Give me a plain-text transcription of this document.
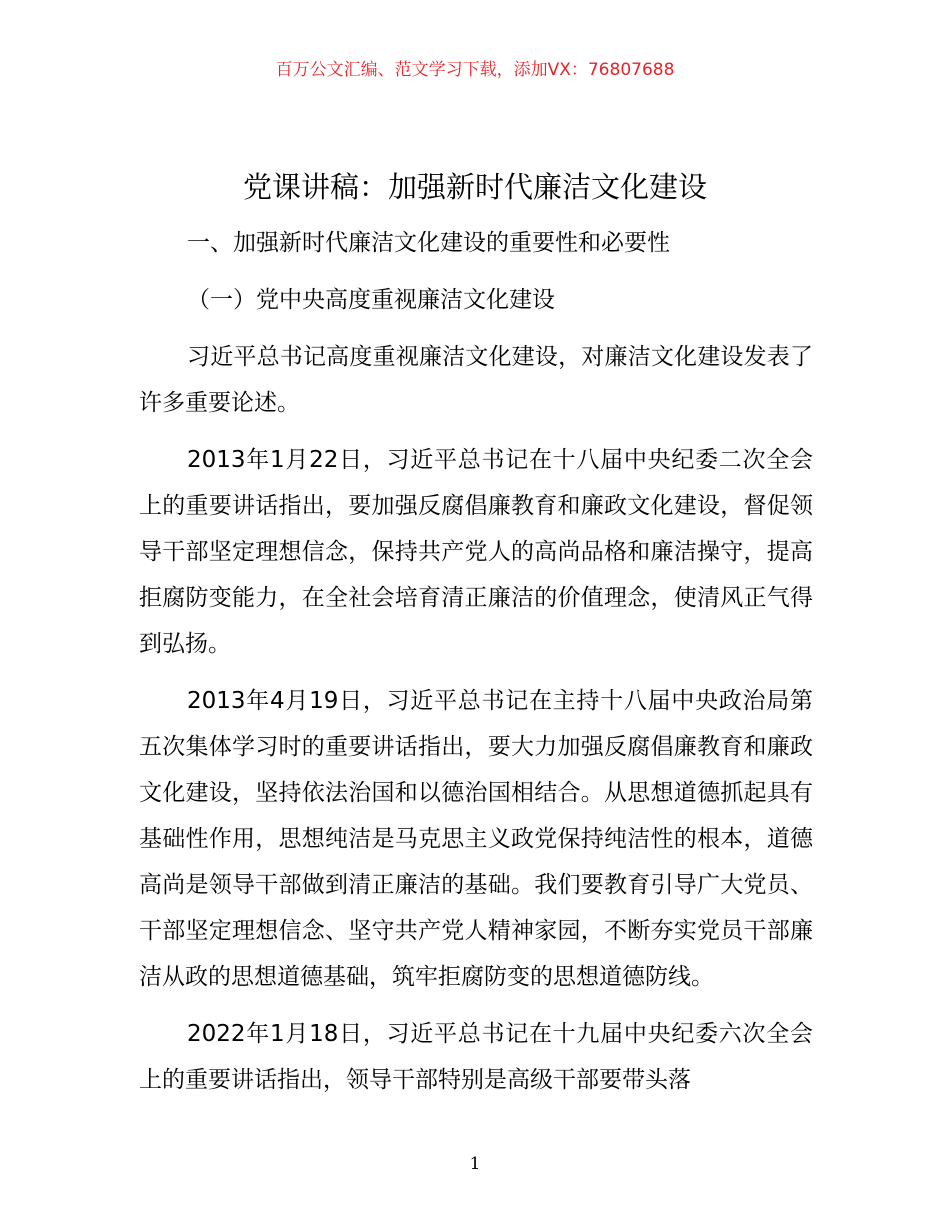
百万公文汇编、范文学习下载，添加VX：76807688
党课讲稿：加强新时代廉洁文化建设

一、加强新时代廉洁文化建设的重要性和必要性

（一）党中央高度重视廉洁文化建设

习近平总书记高度重视廉洁文化建设，对廉洁文化建设发表了许多重要论述。

2013年1月22日，习近平总书记在十八届中央纪委二次全会上的重要讲话指出，要加强反腐倡廉教育和廉政文化建设，督促领导干部坚定理想信念，保持共产党人的高尚品格和廉洁操守，提高拒腐防变能力，在全社会培育清正廉洁的价值理念，使清风正气得到弘扬。

2013年4月19日，习近平总书记在主持十八届中央政治局第五次集体学习时的重要讲话指出，要大力加强反腐倡廉教育和廉政文化建设，坚持依法治国和以德治国相结合。从思想道德抓起具有基础性作用，思想纯洁是马克思主义政党保持纯洁性的根本，道德高尚是领导干部做到清正廉洁的基础。我们要教育引导广大党员、干部坚定理想信念、坚守共产党人精神家园，不断夯实党员干部廉洁从政的思想道德基础，筑牢拒腐防变的思想道德防线。

2022年1月18日，习近平总书记在十九届中央纪委六次全会上的重要讲话指出，领导干部特别是高级干部要带头落

1
